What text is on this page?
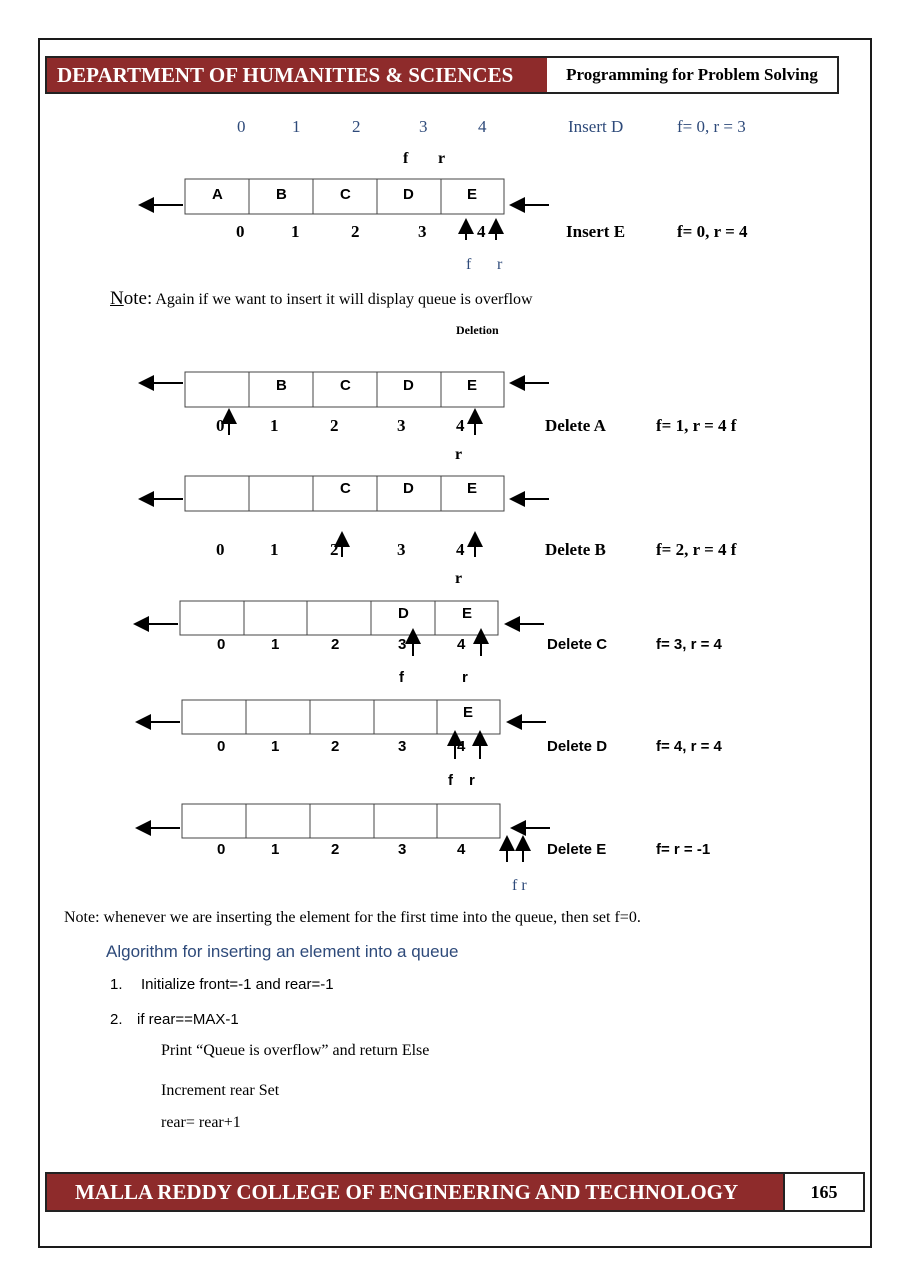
DEPARTMENT OF HUMANITIES & SCIENCES	Programming for Problem Solving
0	1	2	3	4	Insert D	f= 0, r = 3
f r
A	B	C	D	E
0	1	2	3	4	Insert E	f= 0, r = 4
f r
Note: Again if we want to insert it will display queue is overflow
Deletion
B	C	D	E
0	1	2	3	4	Delete A	f= 1, r = 4 f
r
C	D	E
0	1	2	3	4	Delete B	f= 2, r = 4 f
r
D	E
0	1	2	3	4	Delete C	f= 3, r = 4
f	r
E
0	1	2	3	4	Delete D	f= 4, r = 4
f r
0	1	2	3	4	Delete E	f= r = -1
f r
Note: whenever we are inserting the element for the first time into the queue, then set f=0.
Algorithm for inserting an element into a queue
1. Initialize front=-1 and rear=-1
2. if rear==MAX-1
Print “Queue is overflow” and return Else
Increment rear Set
rear= rear+1
MALLA REDDY COLLEGE OF ENGINEERING AND TECHNOLOGY	165
